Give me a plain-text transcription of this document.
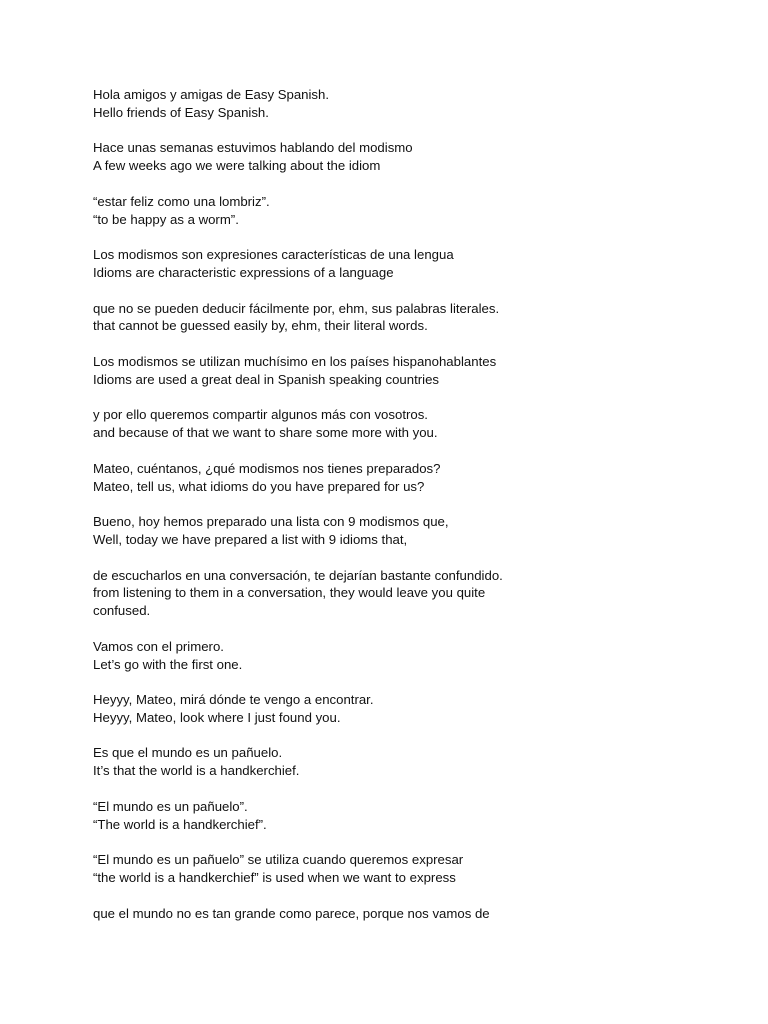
Hola amigos y amigas de Easy Spanish.
Hello friends of Easy Spanish.
Hace unas semanas estuvimos hablando del modismo
A few weeks ago we were talking about the idiom
“estar feliz como una lombriz”.
“to be happy as a worm”.
Los modismos son expresiones características de una lengua
Idioms are characteristic expressions of a language
que no se pueden deducir fácilmente por, ehm, sus palabras literales.
that cannot be guessed easily by, ehm, their literal words.
Los modismos se utilizan muchísimo en los países hispanohablantes
Idioms are used a great deal in Spanish speaking countries
y por ello queremos compartir algunos más con vosotros.
and because of that we want to share some more with you.
Mateo, cuéntanos, ¿qué modismos nos tienes preparados?
Mateo, tell us, what idioms do you have prepared for us?
Bueno, hoy hemos preparado una lista con 9 modismos que,
Well, today we have prepared a list with 9 idioms that,
de escucharlos en una conversación, te dejarían bastante confundido.
from listening to them in a conversation, they would leave you quite confused.
Vamos con el primero.
Let’s go with the first one.
Heyyy, Mateo, mirá dónde te vengo a encontrar.
Heyyy, Mateo, look where I just found you.
Es que el mundo es un pañuelo.
It’s that the world is a handkerchief.
“El mundo es un pañuelo”.
“The world is a handkerchief”.
“El mundo es un pañuelo” se utiliza cuando queremos expresar
“the world is a handkerchief” is used when we want to express
que el mundo no es tan grande como parece, porque nos vamos de
